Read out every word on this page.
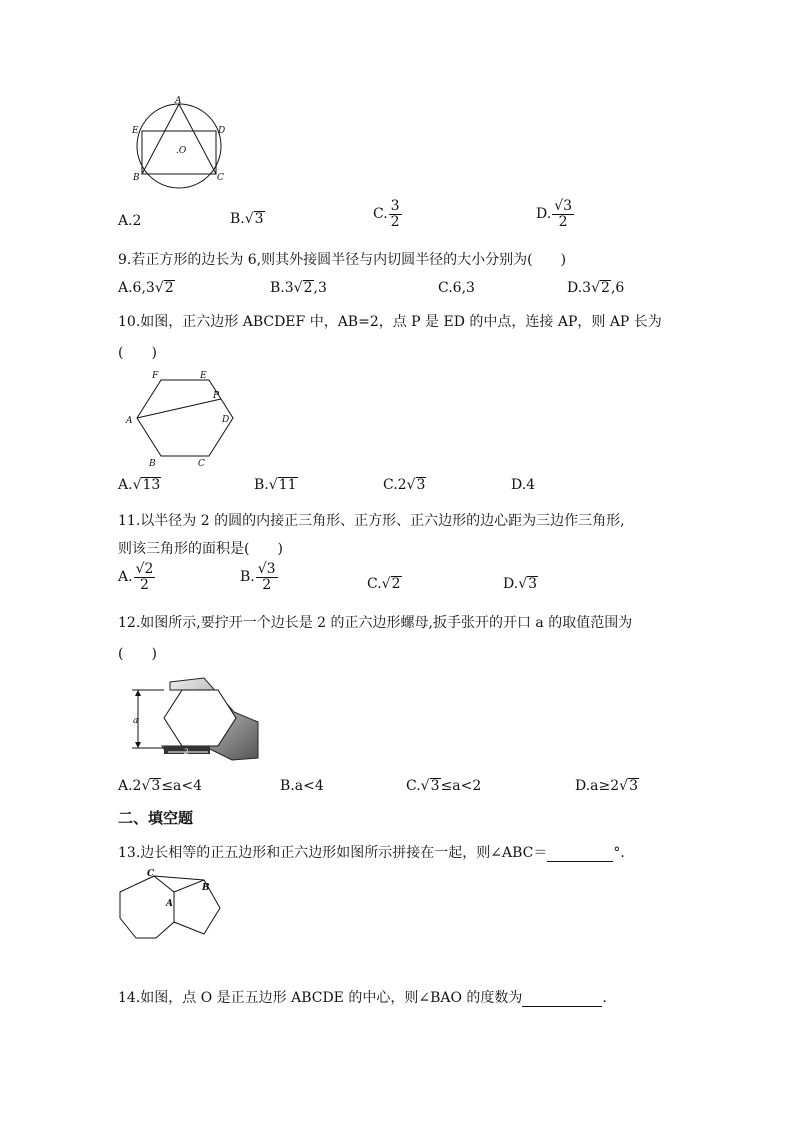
A
E	D
B	C
.O
A.2	B.√3	C. $\frac{3}{2}$	D. $\frac{√3}{2}$
9.若正方形的边长为 6,则其外接圆半径与内切圆半径的大小分别为(　　)
A.6,3√2	B.3√2,3	C.6,3	D.3√2,6
10.如图，正六边形 ABCDEF 中，AB=2，点 P 是 ED 的中点，连接 AP，则 AP 长为
(　　)
F	E
P
A	D
B	C
A.√13	B.√11	C.2√3	D.4
11.以半径为 2 的圆的内接正三角形、正方形、正六边形的边心距为三边作三角形,
则该三角形的面积是(　　)
A. $\frac{√2}{2}$	B. $\frac{√3}{2}$	C.√2	D.√3
12.如图所示,要拧开一个边长是 2 的正六边形螺母,扳手张开的开口 a 的取值范围为
(　　)
a
2
A.2√3≤a<4	B.a<4	C.√3≤a<2	D.a≥2√3
二、填空题
13.边长相等的正五边形和正六边形如图所示拼接在一起，则∠ABC＝	°．
C
B
A
14.如图，点 O 是正五边形 ABCDE 的中心，则∠BAO 的度数为	.
